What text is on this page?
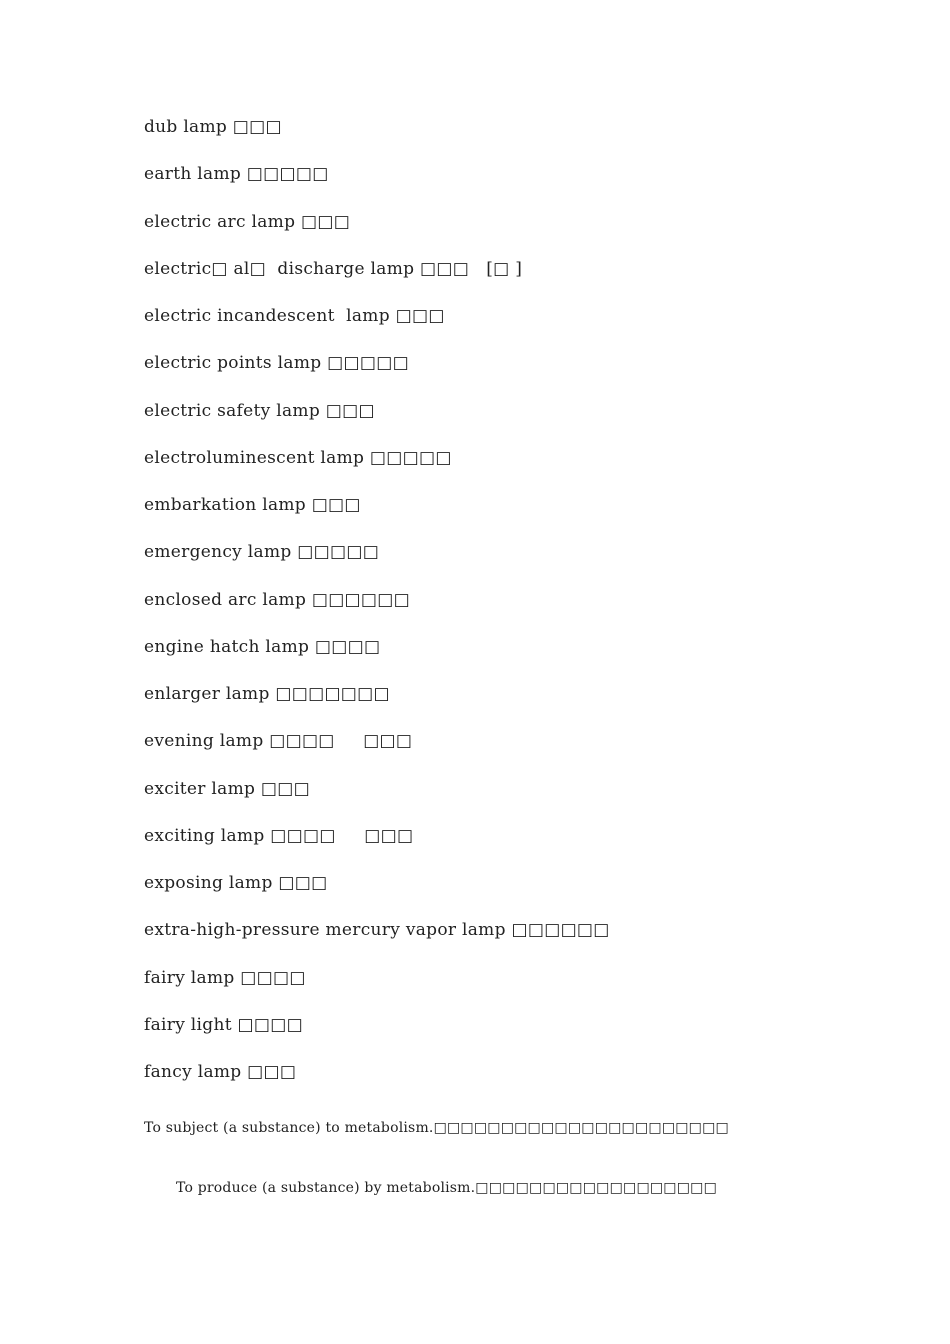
dub lamp □□□
earth lamp □□□□□
electric arc lamp □□□
electric□ al□  discharge lamp □□□   [□ ]
electric incandescent  lamp □□□
electric points lamp □□□□□
electric safety lamp □□□
electroluminescent lamp □□□□□
embarkation lamp □□□
emergency lamp □□□□□
enclosed arc lamp □□□□□□
engine hatch lamp □□□□
enlarger lamp □□□□□□□
evening lamp □□□□     □□□
exciter lamp □□□
exciting lamp □□□□     □□□
exposing lamp □□□
extra-high-pressure mercury vapor lamp □□□□□□
fairy lamp □□□□
fairy light □□□□
fancy lamp □□□
To subject (a substance) to metabolism.□□□□□□□□□□□□□□□□□□□□□□
To produce (a substance) by metabolism.□□□□□□□□□□□□□□□□□□
